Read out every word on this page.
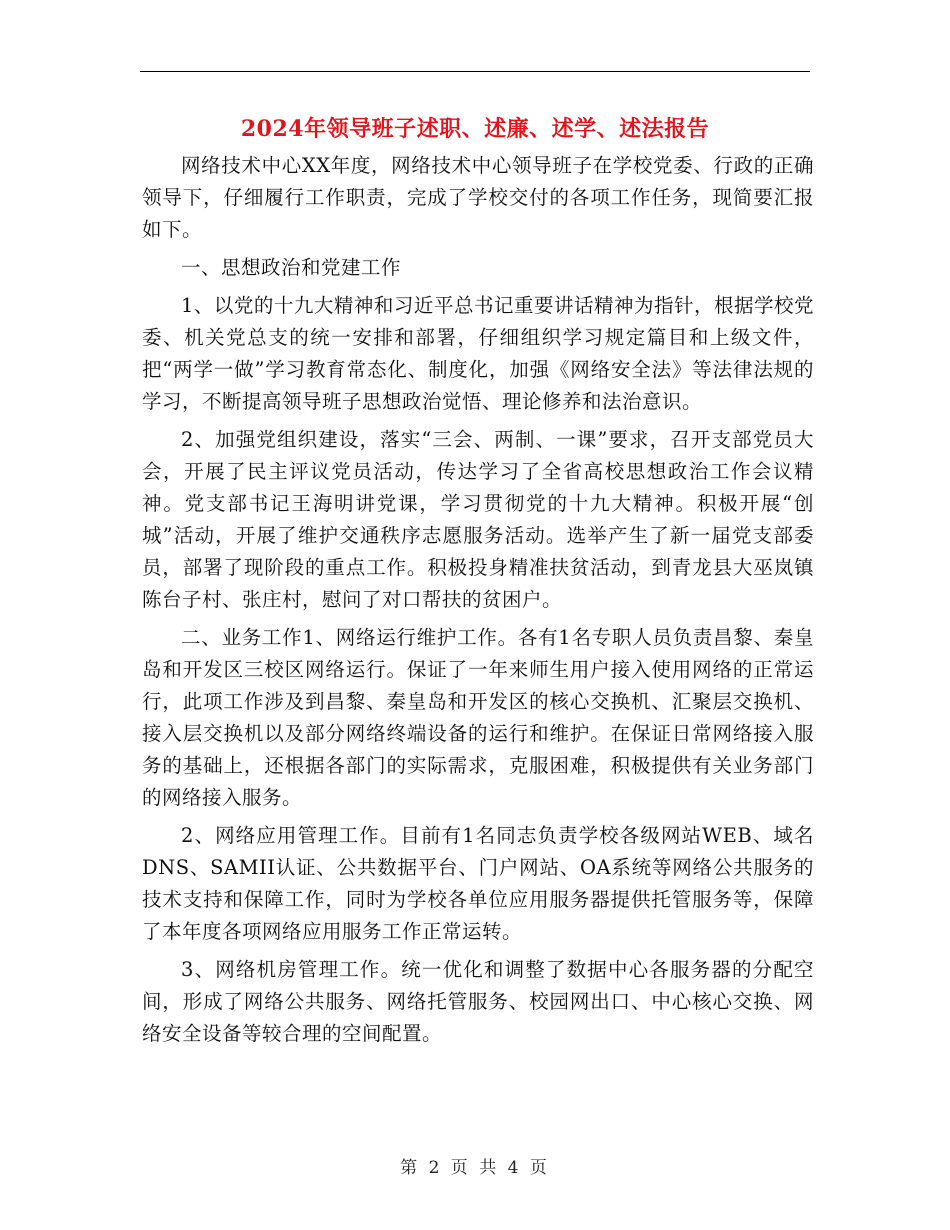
2024年领导班子述职、述廉、述学、述法报告

网络技术中心XX年度，网络技术中心领导班子在学校党委、行政的正确领导下，仔细履行工作职责，完成了学校交付的各项工作任务，现简要汇报如下。

一、思想政治和党建工作

1、以党的十九大精神和习近平总书记重要讲话精神为指针，根据学校党委、机关党总支的统一安排和部署，仔细组织学习规定篇目和上级文件，把“两学一做”学习教育常态化、制度化，加强《网络安全法》等法律法规的学习，不断提高领导班子思想政治觉悟、理论修养和法治意识。

2、加强党组织建设，落实“三会、两制、一课”要求，召开支部党员大会，开展了民主评议党员活动，传达学习了全省高校思想政治工作会议精神。党支部书记王海明讲党课，学习贯彻党的十九大精神。积极开展“创城”活动，开展了维护交通秩序志愿服务活动。选举产生了新一届党支部委员，部署了现阶段的重点工作。积极投身精准扶贫活动，到青龙县大巫岚镇陈台子村、张庄村，慰问了对口帮扶的贫困户。

二、业务工作1、网络运行维护工作。各有1名专职人员负责昌黎、秦皇岛和开发区三校区网络运行。保证了一年来师生用户接入使用网络的正常运行，此项工作涉及到昌黎、秦皇岛和开发区的核心交换机、汇聚层交换机、接入层交换机以及部分网络终端设备的运行和维护。在保证日常网络接入服务的基础上，还根据各部门的实际需求，克服困难，积极提供有关业务部门的网络接入服务。

2、网络应用管理工作。目前有1名同志负责学校各级网站WEB、域名DNS、SAMII认证、公共数据平台、门户网站、OA系统等网络公共服务的技术支持和保障工作，同时为学校各单位应用服务器提供托管服务等，保障了本年度各项网络应用服务工作正常运转。

3、网络机房管理工作。统一优化和调整了数据中心各服务器的分配空间，形成了网络公共服务、网络托管服务、校园网出口、中心核心交换、网络安全设备等较合理的空间配置。

第 2 页 共 4 页
